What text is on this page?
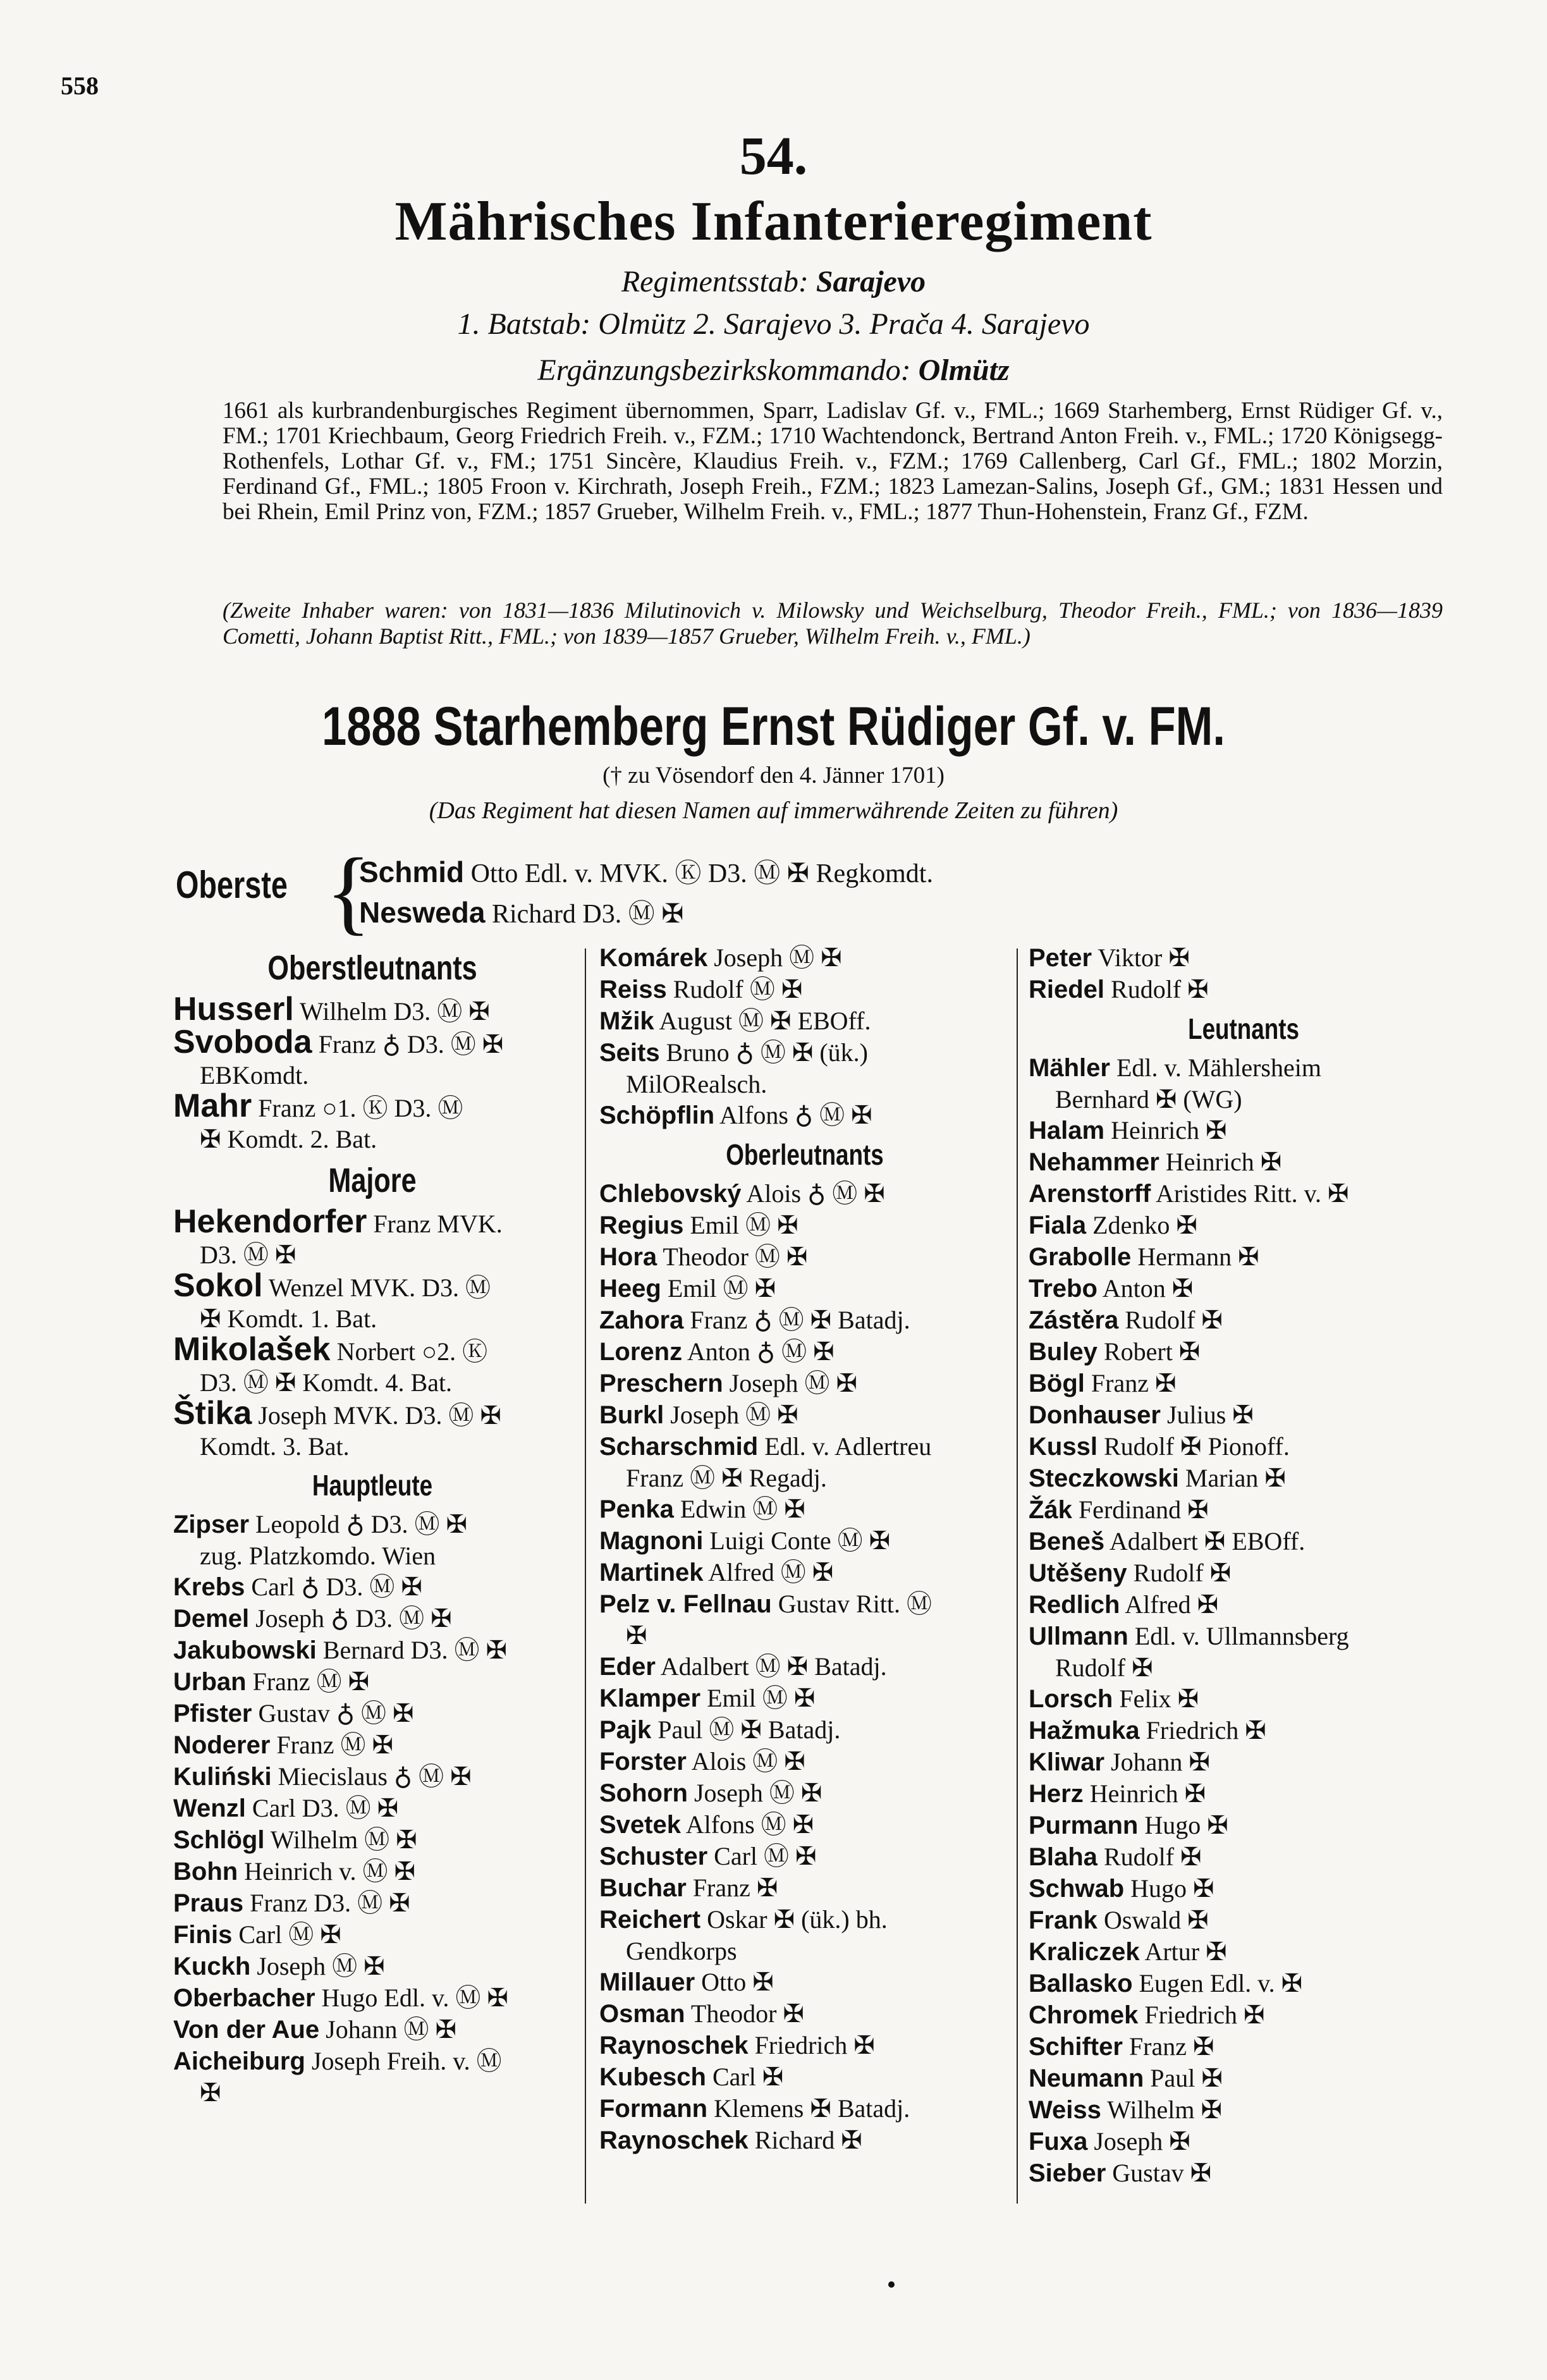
558
54.
Mährisches Infanterieregiment
Regimentsstab: Sarajevo
1. Batstab: Olmütz 2. Sarajevo 3. Prača 4. Sarajevo
Ergänzungsbezirkskommando: Olmütz

1661 als kurbrandenburgisches Regiment übernommen, Sparr, Ladislav Gf. v., FML.; 1669 Starhemberg, Ernst Rüdiger Gf. v., FM.; 1701 Kriechbaum, Georg Friedrich Freih. v., FZM.; 1710 Wachtendonck, Bertrand Anton Freih. v., FML.; 1720 Königsegg-Rothenfels, Lothar Gf. v., FM.; 1751 Sincère, Klaudius Freih. v., FZM.; 1769 Callenberg, Carl Gf., FML.; 1802 Morzin, Ferdinand Gf., FML.; 1805 Froon v. Kirchrath, Joseph Freih., FZM.; 1823 Lamezan-Salins, Joseph Gf., GM.; 1831 Hessen und bei Rhein, Emil Prinz von, FZM.; 1857 Grueber, Wilhelm Freih. v., FML.; 1877 Thun-Hohenstein, Franz Gf., FZM.

(Zweite Inhaber waren: von 1831—1836 Milutinovich v. Milowsky und Weichselburg, Theodor Freih., FML.; von 1836—1839 Cometti, Johann Baptist Ritt., FML.; von 1839—1857 Grueber, Wilhelm Freih. v., FML.)
1888 Starhemberg Ernst Rüdiger Gf. v. FM.
(† zu Vösendorf den 4. Jänner 1701)
(Das Regiment hat diesen Namen auf immerwährende Zeiten zu führen)
Oberste {
Schmid Otto Edl. v. MVK. Ⓚ D3. Ⓜ ✠ Regkomdt.
Nesweda Richard D3. Ⓜ ✠
Oberstleutnants
Husserl Wilhelm D3. Ⓜ ✠
Svoboda Franz ♁ D3. Ⓜ ✠
EBKomdt.
Mahr Franz ○1. Ⓚ D3. Ⓜ
✠ Komdt. 2. Bat.
Majore
Hekendorfer Franz MVK.
D3. Ⓜ ✠
Sokol Wenzel MVK. D3. Ⓜ
✠ Komdt. 1. Bat.
Mikolašek Norbert ○2. Ⓚ
D3. Ⓜ ✠ Komdt. 4. Bat.
Štika Joseph MVK. D3. Ⓜ ✠
Komdt. 3. Bat.
Hauptleute
Zipser Leopold ♁ D3. Ⓜ ✠
zug. Platzkomdo. Wien
Krebs Carl ♁ D3. Ⓜ ✠
Demel Joseph ♁ D3. Ⓜ ✠
Jakubowski Bernard D3. Ⓜ ✠
Urban Franz Ⓜ ✠
Pfister Gustav ♁ Ⓜ ✠
Noderer Franz Ⓜ ✠
Kuliński Miecislaus ♁ Ⓜ ✠
Wenzl Carl D3. Ⓜ ✠
Schlögl Wilhelm Ⓜ ✠
Bohn Heinrich v. Ⓜ ✠
Praus Franz D3. Ⓜ ✠
Finis Carl Ⓜ ✠
Kuckh Joseph Ⓜ ✠
Oberbacher Hugo Edl. v. Ⓜ ✠
Von der Aue Johann Ⓜ ✠
Aicheiburg Joseph Freih. v. Ⓜ
✠
Komárek Joseph Ⓜ ✠
Reiss Rudolf Ⓜ ✠
Mžik August Ⓜ ✠ EBOff.
Seits Bruno ♁ Ⓜ ✠ (ük.)
MilORealsch.
Schöpflin Alfons ♁ Ⓜ ✠
Oberleutnants
Chlebovský Alois ♁ Ⓜ ✠
Regius Emil Ⓜ ✠
Hora Theodor Ⓜ ✠
Heeg Emil Ⓜ ✠
Zahora Franz ♁ Ⓜ ✠ Batadj.
Lorenz Anton ♁ Ⓜ ✠
Preschern Joseph Ⓜ ✠
Burkl Joseph Ⓜ ✠
Scharschmid Edl. v. Adlertreu
Franz Ⓜ ✠ Regadj.
Penka Edwin Ⓜ ✠
Magnoni Luigi Conte Ⓜ ✠
Martinek Alfred Ⓜ ✠
Pelz v. Fellnau Gustav Ritt. Ⓜ
✠
Eder Adalbert Ⓜ ✠ Batadj.
Klamper Emil Ⓜ ✠
Pajk Paul Ⓜ ✠ Batadj.
Forster Alois Ⓜ ✠
Sohorn Joseph Ⓜ ✠
Svetek Alfons Ⓜ ✠
Schuster Carl Ⓜ ✠
Buchar Franz ✠
Reichert Oskar ✠ (ük.) bh.
Gendkorps
Millauer Otto ✠
Osman Theodor ✠
Raynoschek Friedrich ✠
Kubesch Carl ✠
Formann Klemens ✠ Batadj.
Raynoschek Richard ✠
Peter Viktor ✠
Riedel Rudolf ✠
Leutnants
Mähler Edl. v. Mählersheim
Bernhard ✠ (WG)
Halam Heinrich ✠
Nehammer Heinrich ✠
Arenstorff Aristides Ritt. v. ✠
Fiala Zdenko ✠
Grabolle Hermann ✠
Trebo Anton ✠
Zástěra Rudolf ✠
Buley Robert ✠
Bögl Franz ✠
Donhauser Julius ✠
Kussl Rudolf ✠ Pionoff.
Steczkowski Marian ✠
Žák Ferdinand ✠
Beneš Adalbert ✠ EBOff.
Utěšeny Rudolf ✠
Redlich Alfred ✠
Ullmann Edl. v. Ullmannsberg
Rudolf ✠
Lorsch Felix ✠
Hažmuka Friedrich ✠
Kliwar Johann ✠
Herz Heinrich ✠
Purmann Hugo ✠
Blaha Rudolf ✠
Schwab Hugo ✠
Frank Oswald ✠
Kraliczek Artur ✠
Ballasko Eugen Edl. v. ✠
Chromek Friedrich ✠
Schifter Franz ✠
Neumann Paul ✠
Weiss Wilhelm ✠
Fuxa Joseph ✠
Sieber Gustav ✠
